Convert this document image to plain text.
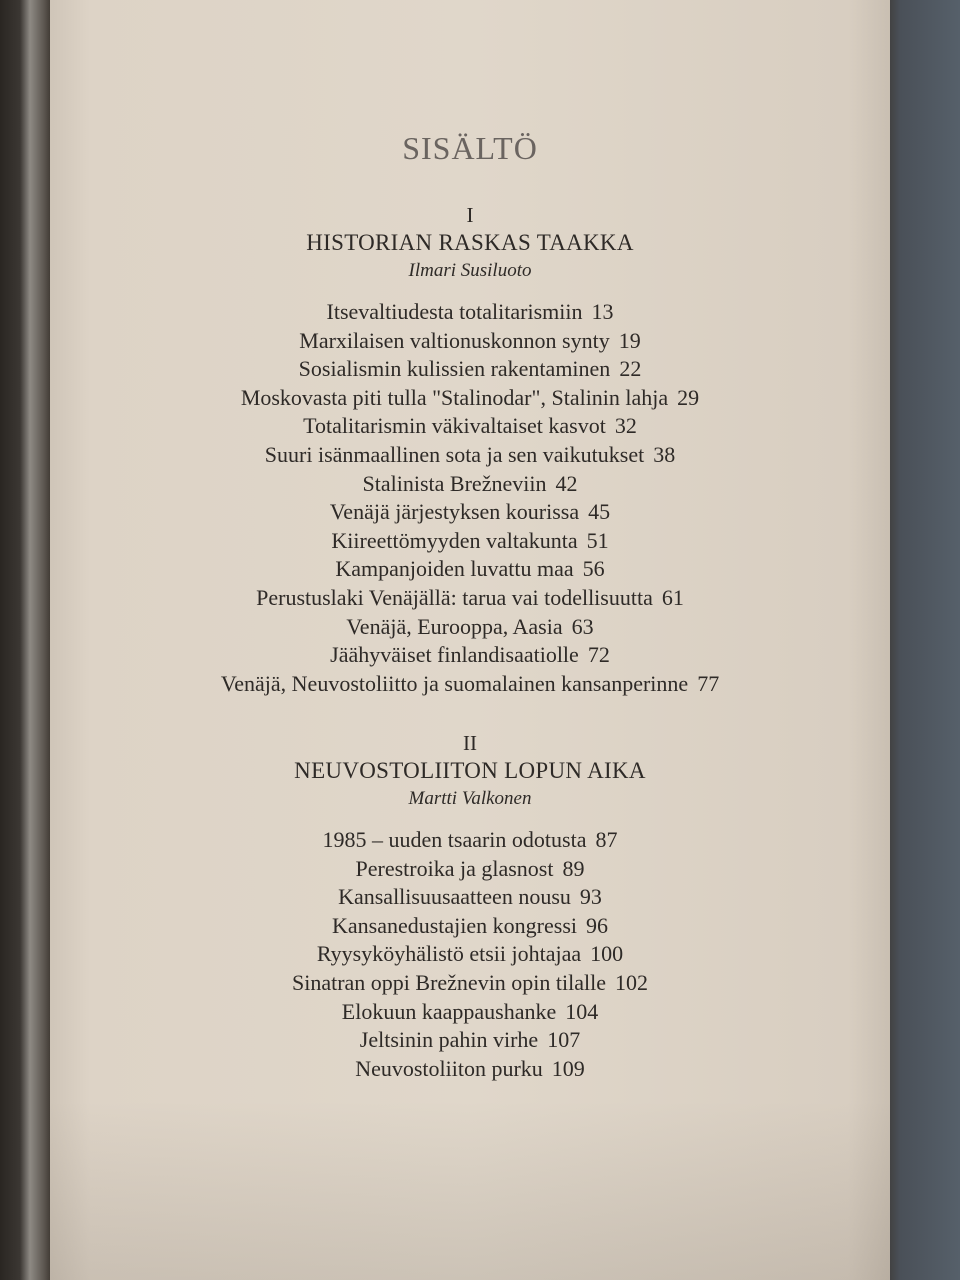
SISÄLTÖ
I
HISTORIAN RASKAS TAAKKA
Ilmari Susiluoto
Itsevaltiudesta totalitarismiin 13
Marxilaisen valtionuskonnon synty 19
Sosialismin kulissien rakentaminen 22
Moskovasta piti tulla "Stalinodar", Stalinin lahja 29
Totalitarismin väkivaltaiset kasvot 32
Suuri isänmaallinen sota ja sen vaikutukset 38
Stalinista Brežneviin 42
Venäjä järjestyksen kourissa 45
Kiireettömyyden valtakunta 51
Kampanjoiden luvattu maa 56
Perustuslaki Venäjällä: tarua vai todellisuutta 61
Venäjä, Eurooppa, Aasia 63
Jäähyväiset finlandisaatiolle 72
Venäjä, Neuvostoliitto ja suomalainen kansanperinne 77
II
NEUVOSTOLIITON LOPUN AIKA
Martti Valkonen
1985 – uuden tsaarin odotusta 87
Perestroika ja glasnost 89
Kansallisuusaatteen nousu 93
Kansanedustajien kongressi 96
Ryysyköyhälistö etsii johtajaa 100
Sinatran oppi Brežnevin opin tilalle 102
Elokuun kaappaushanke 104
Jeltsinin pahin virhe 107
Neuvostoliiton purku 109
